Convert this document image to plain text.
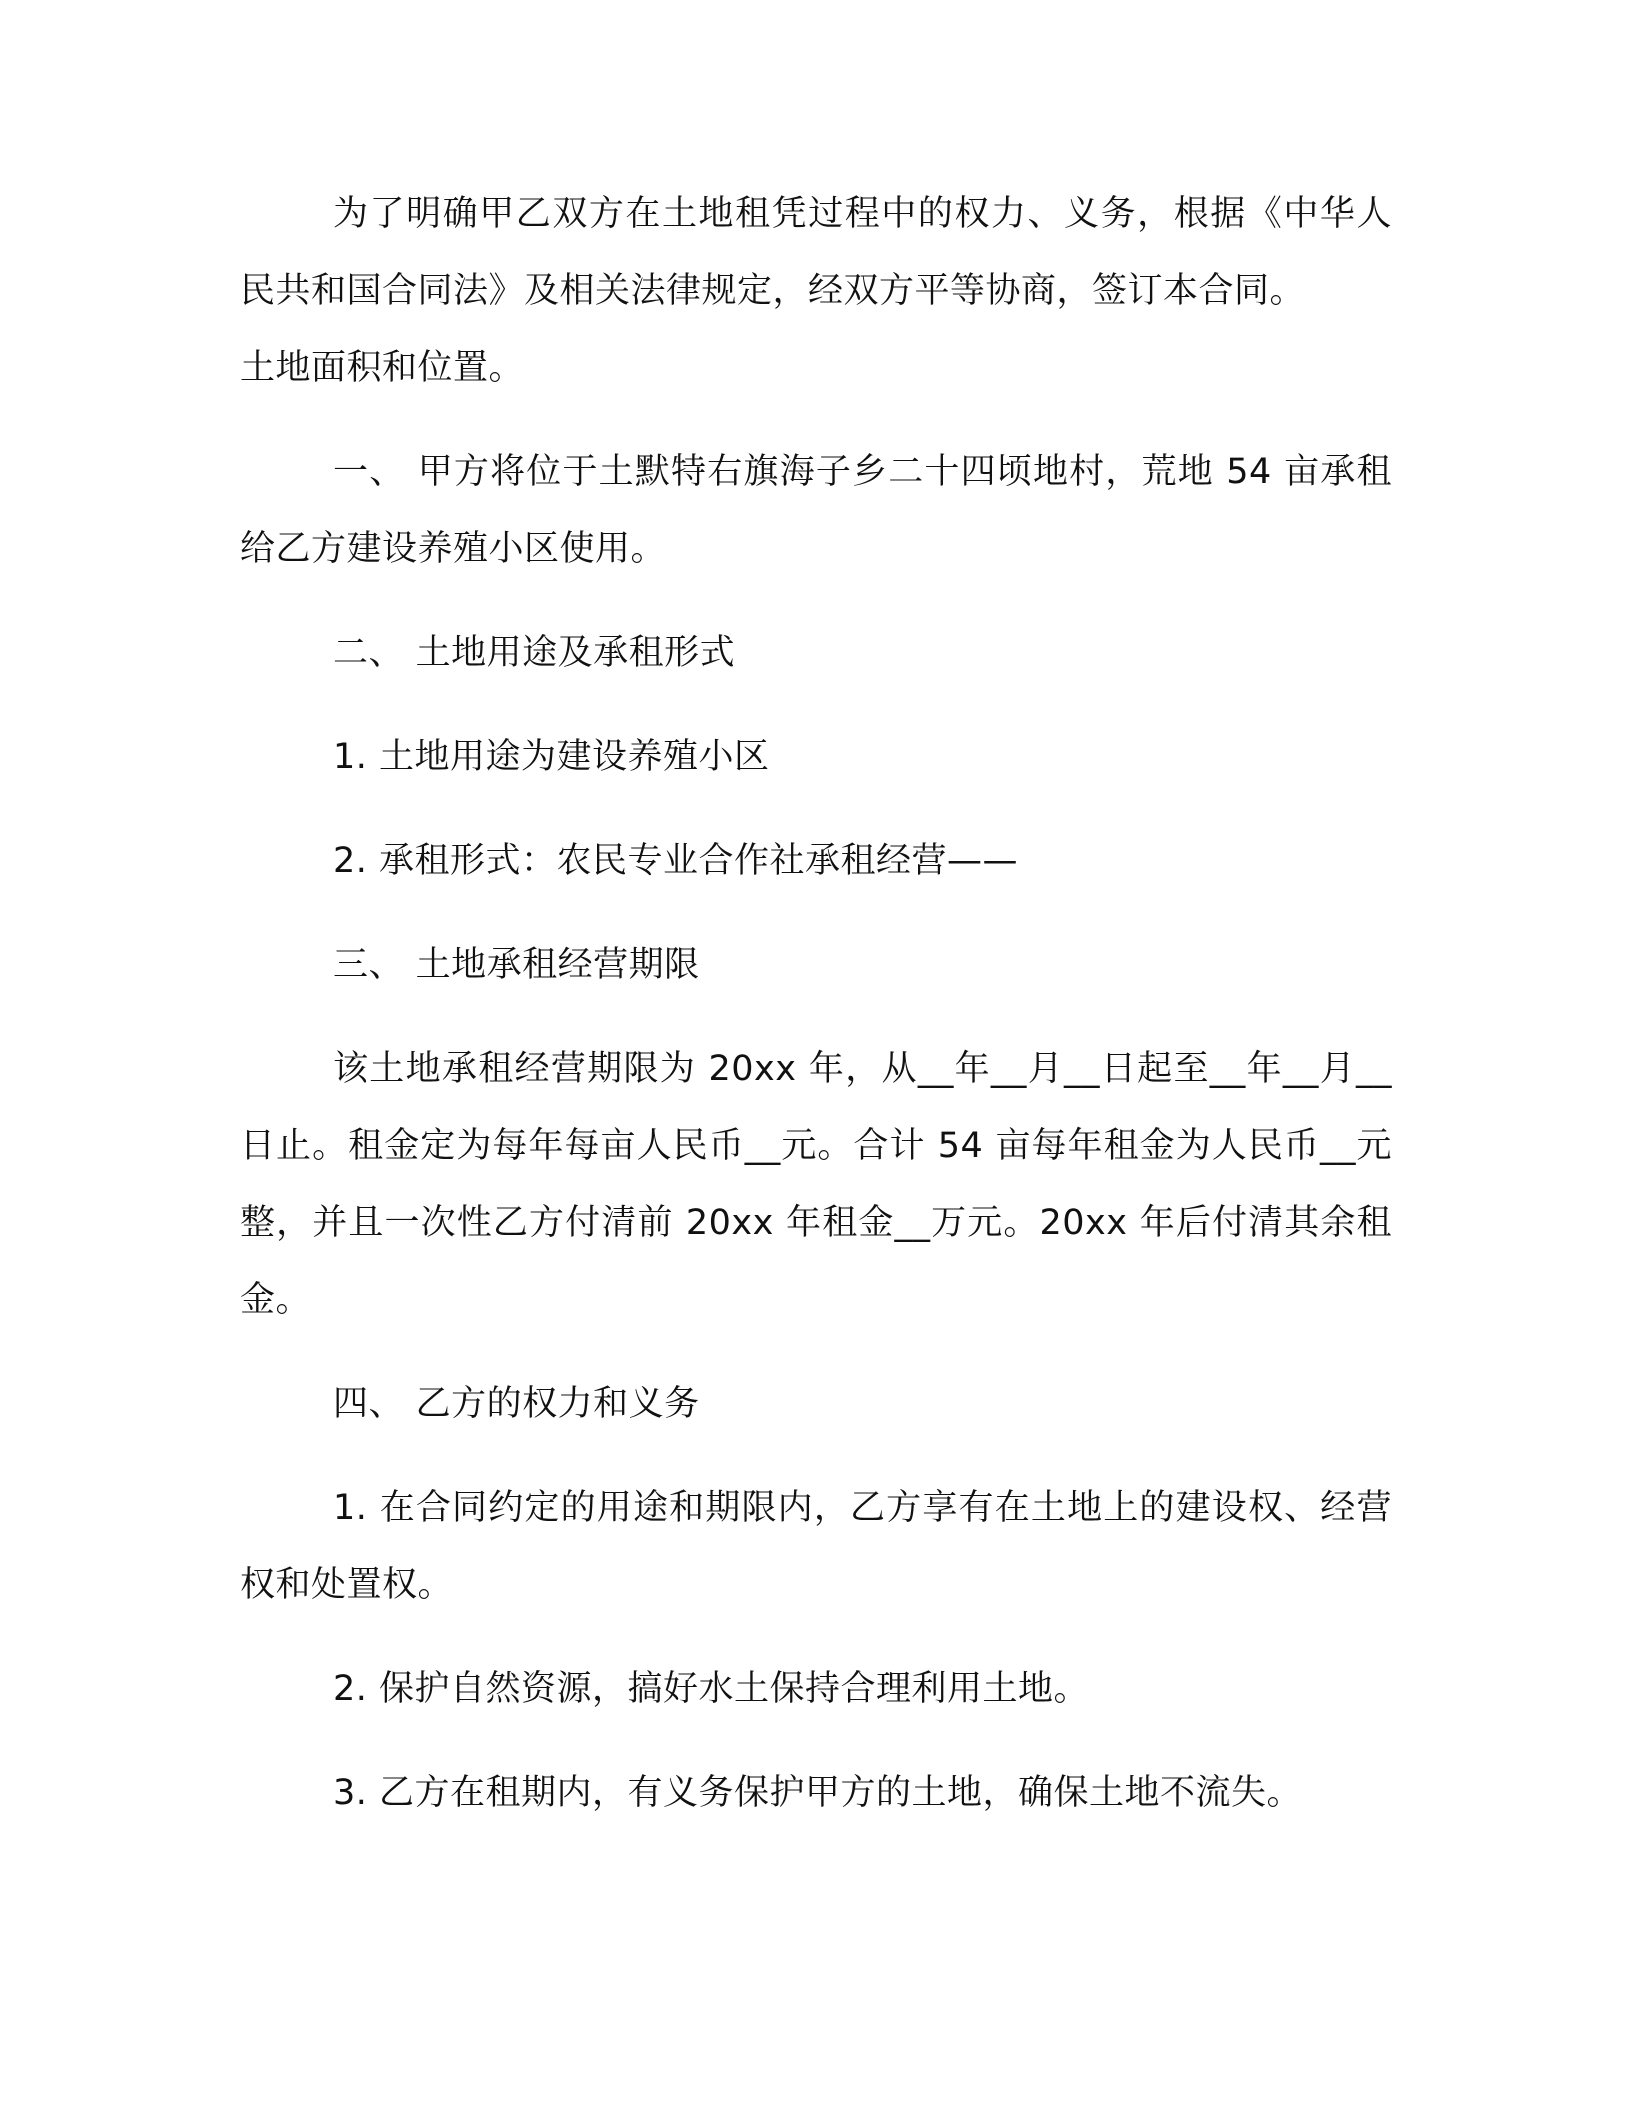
为了明确甲乙双方在土地租凭过程中的权力、义务，根据《中华人民共和国合同法》及相关法律规定，经双方平等协商，签订本合同。

土地面积和位置。

一、 甲方将位于土默特右旗海子乡二十四顷地村，荒地 54 亩承租给乙方建设养殖小区使用。

二、 土地用途及承租形式

1. 土地用途为建设养殖小区

2. 承租形式：农民专业合作社承租经营——

三、 土地承租经营期限

该土地承租经营期限为 20xx 年，从__年__月__日起至__年__月__日止。租金定为每年每亩人民币__元。合计 54 亩每年租金为人民币__元整，并且一次性乙方付清前 20xx 年租金__万元。20xx 年后付清其余租金。

四、 乙方的权力和义务

1. 在合同约定的用途和期限内，乙方享有在土地上的建设权、经营权和处置权。

2. 保护自然资源，搞好水土保持合理利用土地。

3. 乙方在租期内，有义务保护甲方的土地，确保土地不流失。
